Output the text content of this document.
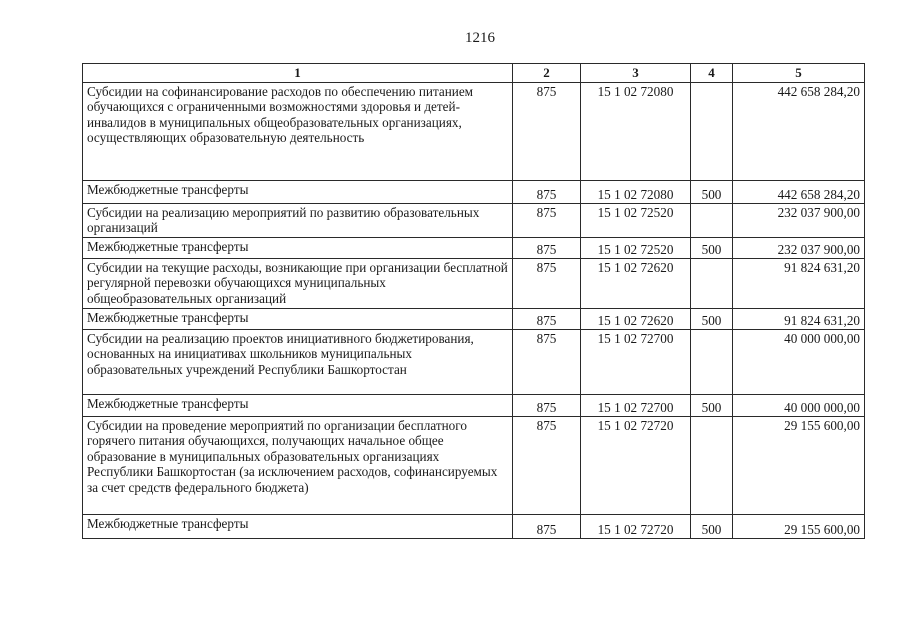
1216
1	2	3	4	5
Субсидии на софинансирование расходов по обеспечению питанием обучающихся с ограниченными возможностями здоровья и детей-инвалидов в муниципальных общеобразовательных организациях, осуществляющих образовательную деятельность	875	15 1 02 72080		442 658 284,20
Межбюджетные трансферты	875	15 1 02 72080	500	442 658 284,20
Субсидии на реализацию мероприятий по развитию образовательных организаций	875	15 1 02 72520		232 037 900,00
Межбюджетные трансферты	875	15 1 02 72520	500	232 037 900,00
Субсидии на текущие расходы, возникающие при организации бесплатной регулярной перевозки обучающихся муниципальных общеобразовательных организаций	875	15 1 02 72620		91 824 631,20
Межбюджетные трансферты	875	15 1 02 72620	500	91 824 631,20
Субсидии на реализацию проектов инициативного бюджетирования, основанных на инициативах школьников муниципальных образовательных учреждений Республики Башкортостан	875	15 1 02 72700		40 000 000,00
Межбюджетные трансферты	875	15 1 02 72700	500	40 000 000,00
Субсидии на проведение мероприятий по организации бесплатного горячего питания обучающихся, получающих начальное общее образование в муниципальных образовательных организациях Республики Башкортостан (за исключением расходов, софинансируемых за счет средств федерального бюджета)	875	15 1 02 72720		29 155 600,00
Межбюджетные трансферты	875	15 1 02 72720	500	29 155 600,00
